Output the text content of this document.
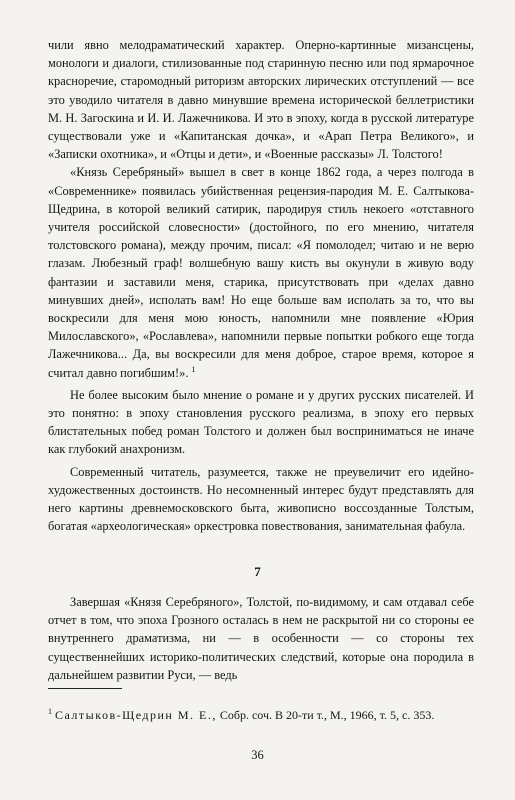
чили явно мелодраматический характер. Оперно-картинные мизансцены, монологи и диалоги, стилизованные под старинную песню или под ярмарочное красноречие, старомодный риторизм авторских лирических отступлений — все это уводило читателя в давно минувшие времена исторической беллетристики М. Н. Загоскина и И. И. Лажечникова. И это в эпоху, когда в русской литературе существовали уже и «Капитанская дочка», и «Арап Петра Великого», и «Записки охотника», и «Отцы и дети», и «Военные рассказы» Л. Толстого!

«Князь Серебряный» вышел в свет в конце 1862 года, а через полгода в «Современнике» появилась убийственная рецензия-пародия М. Е. Салтыкова-Щедрина, в которой великий сатирик, пародируя стиль некоего «отставного учителя российской словесности» (достойного, по его мнению, читателя толстовского романа), между прочим, писал: «Я помолодел; читаю и не верю глазам. Любезный граф! волшебную вашу кисть вы окунули в живую воду фантазии и заставили меня, старика, присутствовать при «делах давно минувших дней», исполать вам! Но еще больше вам исполать за то, что вы воскресили для меня мою юность, напомнили мне появление «Юрия Милославского», «Рославлева», напомнили первые попытки робкого еще тогда Лажечникова... Да, вы воскресили для меня доброе, старое время, которое я считал давно погибшим!». $^1$

Не более высоким было мнение о романе и у других русских писателей. И это понятно: в эпоху становления русского реализма, в эпоху его первых блистательных побед роман Толстого и должен был восприниматься не иначе как глубокий анахронизм.

Современный читатель, разумеется, также не преувеличит его идейно-художественных достоинств. Но несомненный интерес будут представлять для него картины древнемосковского быта, живописно воссозданные Толстым, богатая «археологическая» оркестровка повествования, занимательная фабула.

7

Завершая «Князя Серебряного», Толстой, по-видимому, и сам отдавал себе отчет в том, что эпоха Грозного осталась в нем не раскрытой ни со стороны ее внутреннего драматизма, ни — в особенности — со стороны тех существеннейших историко-политических следствий, которые она породила в дальнейшем развитии Руси, — ведь

$^1$ Салтыков-Щедрин М. Е., Собр. соч. В 20-ти т., М., 1966, т. 5, с. 353.
36
